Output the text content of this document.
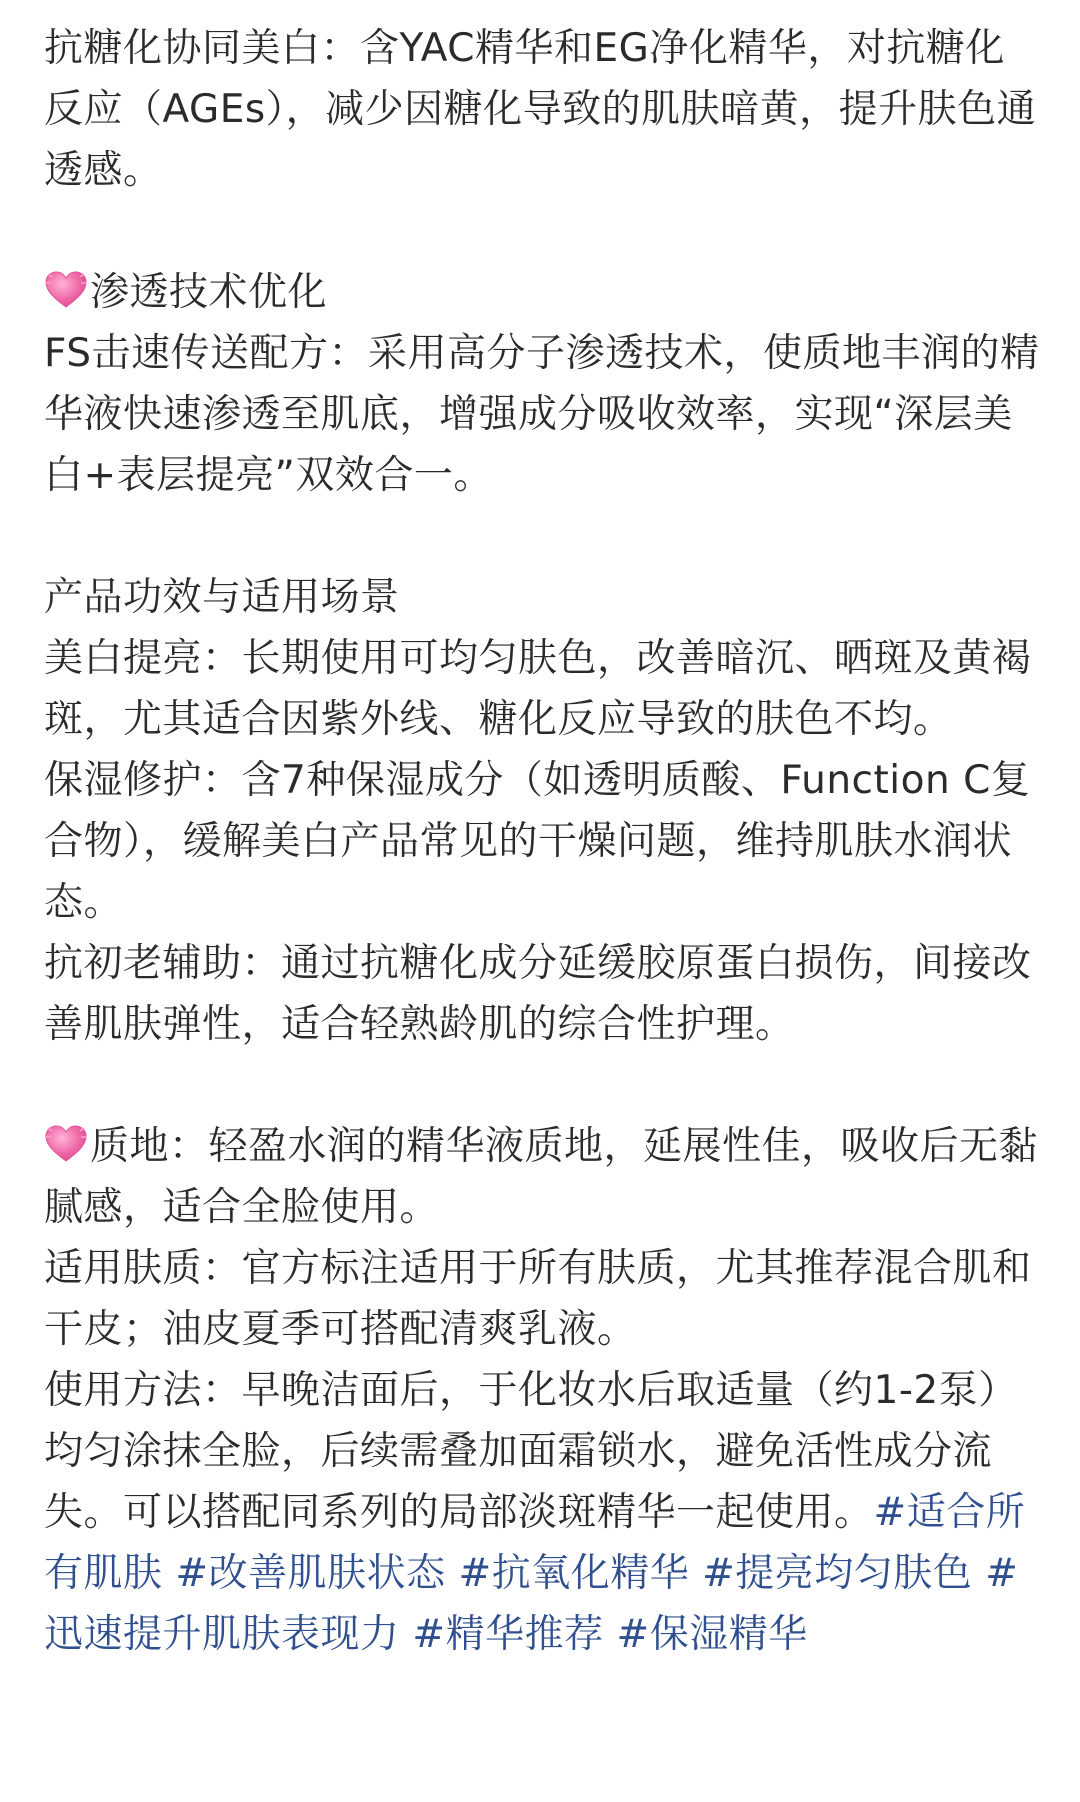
抗糖化协同美白：含YAC精华和EG净化精华，对抗糖化反应（AGEs），减少因糖化导致的肌肤暗黄，提升肤色通透感。

渗透技术优化

FS击速传送配方：采用高分子渗透技术，使质地丰润的精华液快速渗透至肌底，增强成分吸收效率，实现“深层美白+表层提亮”双效合一。

产品功效与适用场景

美白提亮：长期使用可均匀肤色，改善暗沉、晒斑及黄褐斑，尤其适合因紫外线、糖化反应导致的肤色不均。

保湿修护：含7种保湿成分（如透明质酸、Function C复合物），缓解美白产品常见的干燥问题，维持肌肤水润状态。

抗初老辅助：通过抗糖化成分延缓胶原蛋白损伤，间接改善肌肤弹性，适合轻熟龄肌的综合性护理。

质地：轻盈水润的精华液质地，延展性佳，吸收后无黏腻感，适合全脸使用。

适用肤质：官方标注适用于所有肤质，尤其推荐混合肌和干皮；油皮夏季可搭配清爽乳液。

使用方法：早晚洁面后，于化妆水后取适量（约1-2泵）均匀涂抹全脸，后续需叠加面霜锁水，避免活性成分流失。可以搭配同系列的局部淡斑精华一起使用。#适合所有肌肤 #改善肌肤状态 #抗氧化精华 #提亮均匀肤色 #迅速提升肌肤表现力 #精华推荐 #保湿精华
